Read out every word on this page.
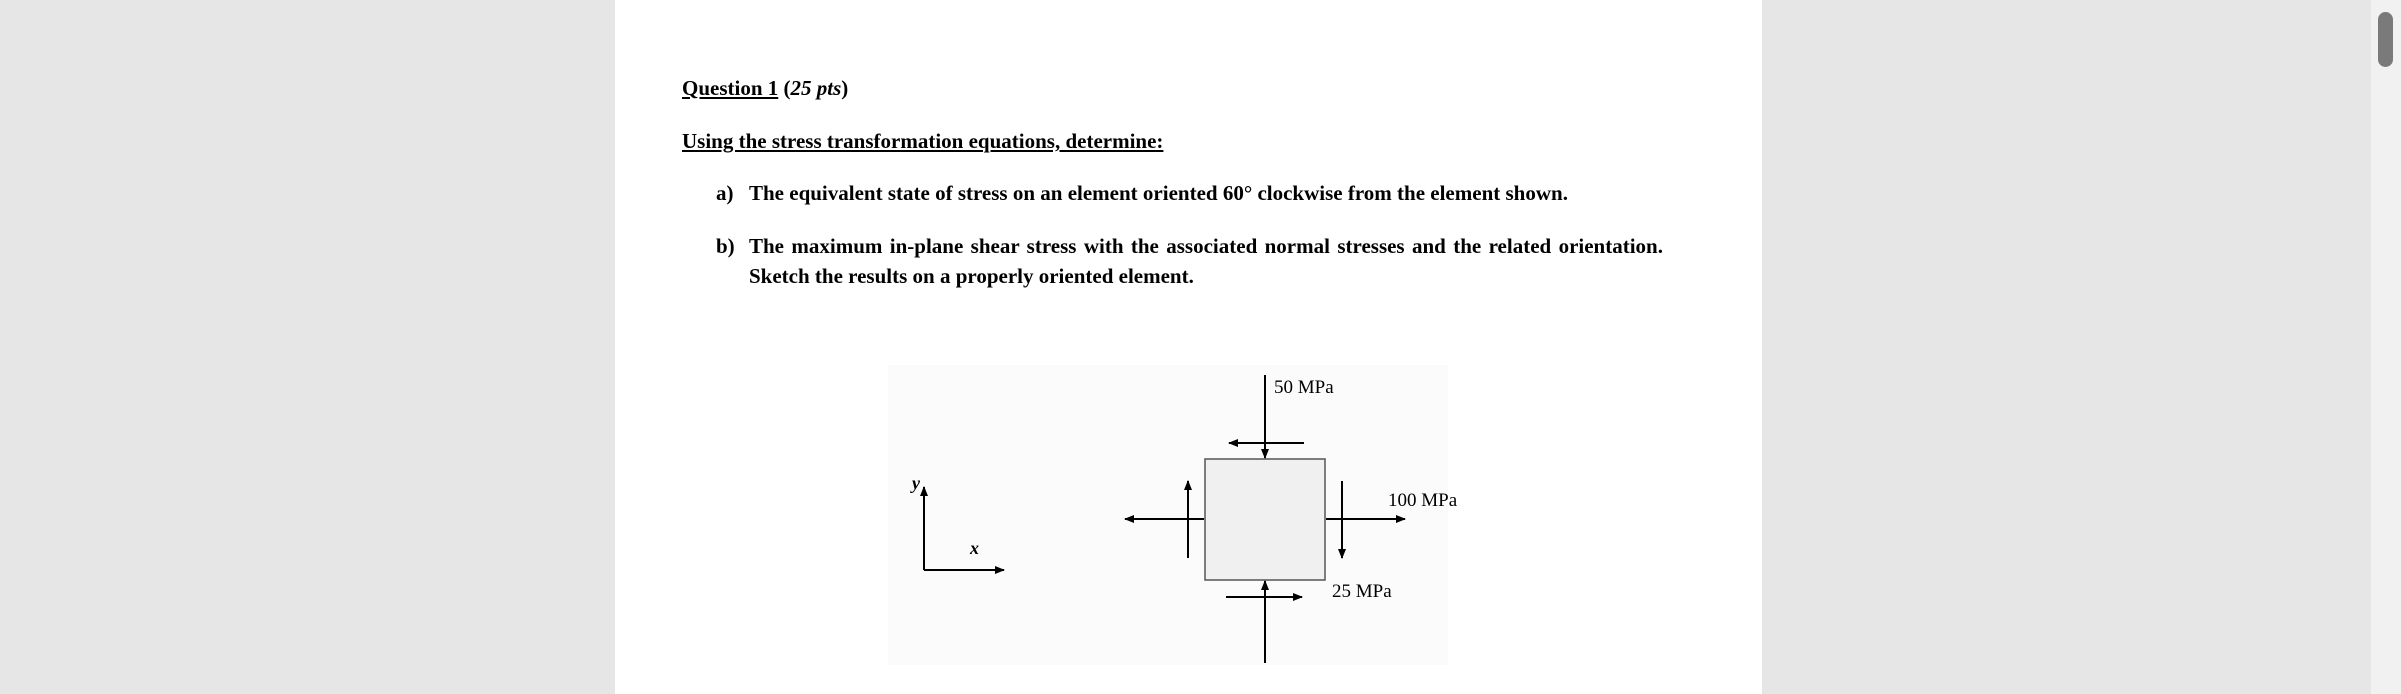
Question 1 (25 pts)
Using the stress transformation equations, determine:
a) The equivalent state of stress on an element oriented 60° clockwise from the element shown.
b) The maximum in-plane shear stress with the associated normal stresses and the related orientation. Sketch the results on a properly oriented element.
y
x
50 MPa
100 MPa
25 MPa
